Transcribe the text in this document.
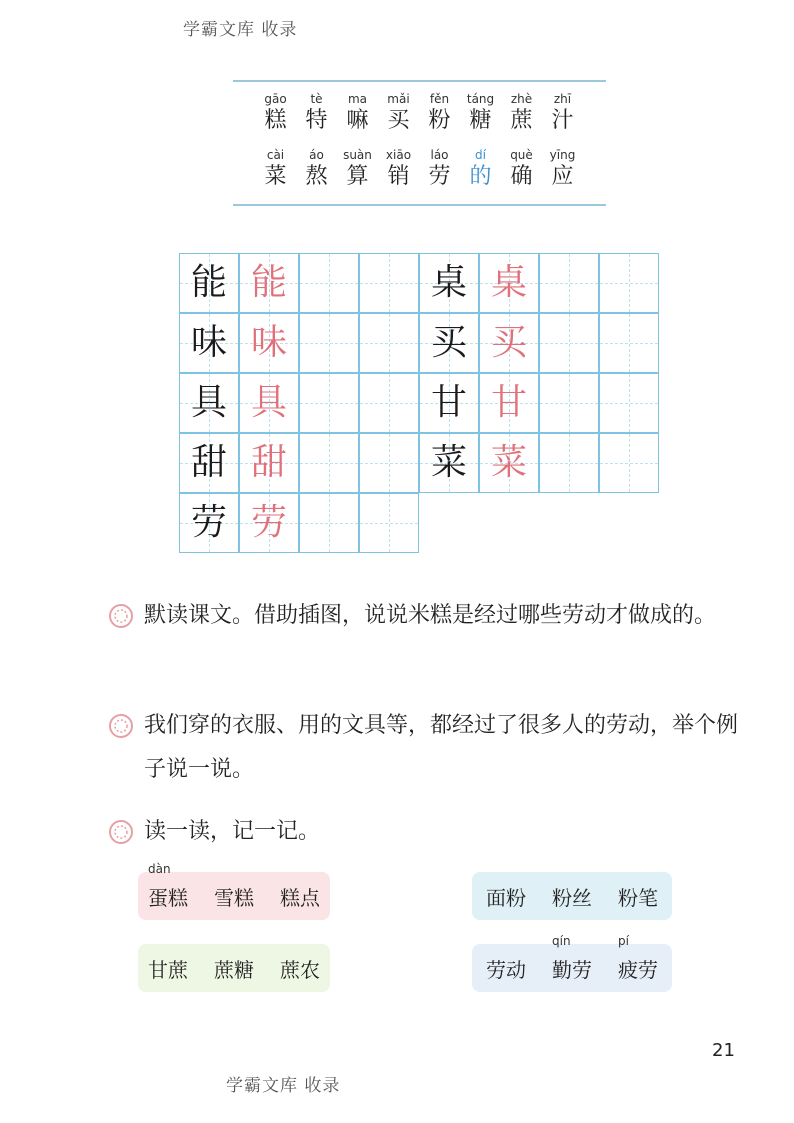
学霸文库 收录
gāo
糕
tè
特
ma
嘛
mǎi
买
fěn
粉
táng
糖
zhè
蔗
zhī
汁
cài
菜
áo
熬
suàn
算
xiāo
销
láo
劳
dí
的
què
确
yīng
应
能 能
味 味
具 具
甜 甜
劳 劳
桌 桌
买 买
甘 甘
菜 菜
默读课文。借助插图，说说米糕是经过哪些劳动才做成的。
我们穿的衣服、用的文具等，都经过了很多人的劳动，举个例子说一说。
读一读，记一记。
dàn
蛋糕 雪糕 糕点	面粉 粉丝 粉笔
甘蔗 蔗糖 蔗农	劳动
qín
勤劳
pí
疲劳
21
学霸文库 收录
